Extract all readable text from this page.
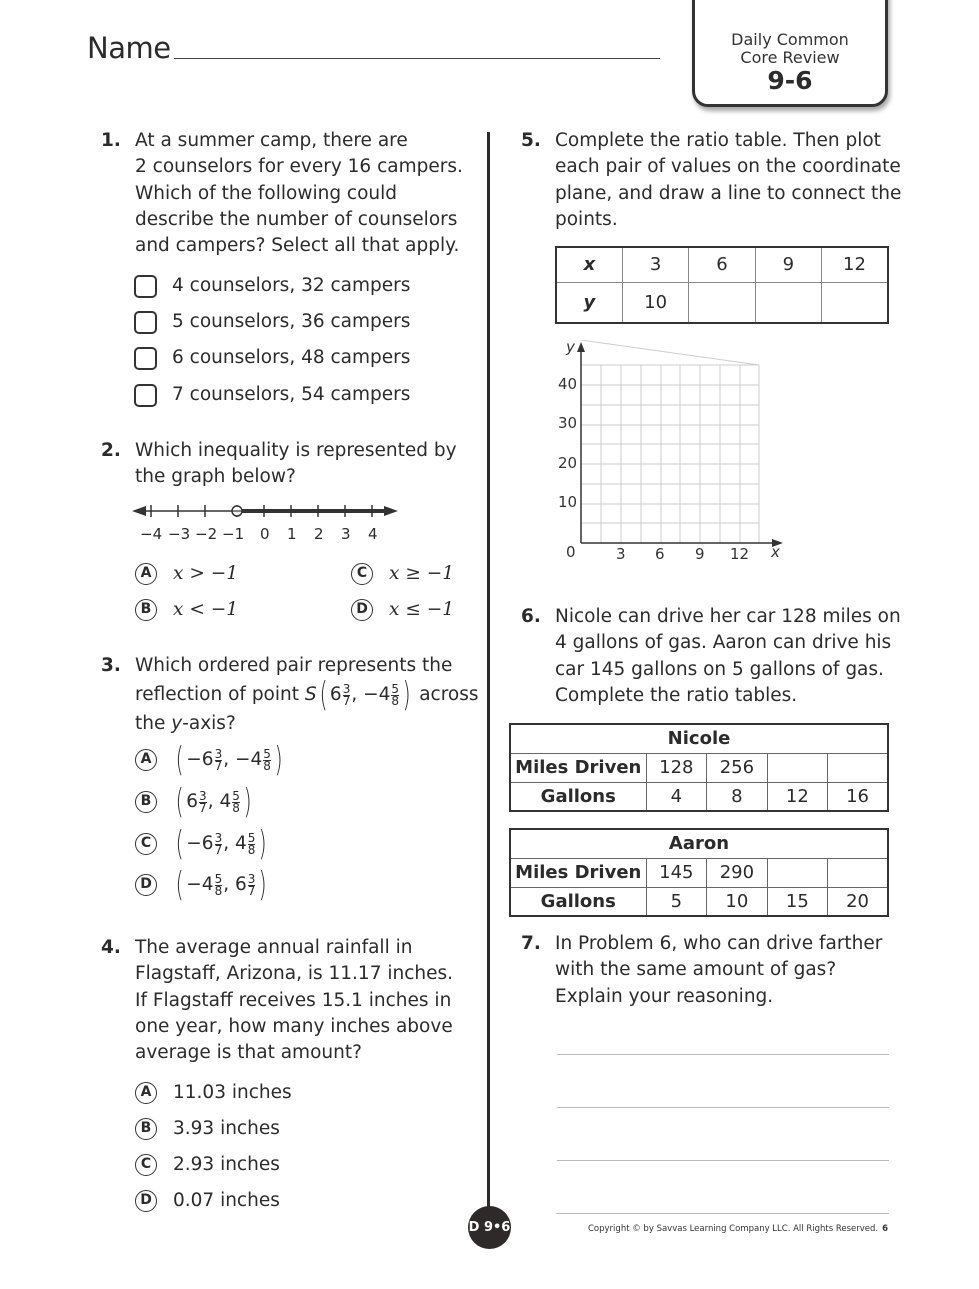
Name	Daily Common
Core Review
9-6
1. At a summer camp, there are
2 counselors for every 16 campers.
Which of the following could
describe the number of counselors
and campers? Select all that apply.
4 counselors, 32 campers
5 counselors, 36 campers
6 counselors, 48 campers
7 counselors, 54 campers
2. Which inequality is represented by
the graph below?
−4 −3 −2 −1 0 1 2 3 4
A	x > −1
B	x < −1
C	x ≥ −1
D x ≤ −1
3. Which ordered pair represents the
reflection of point S( $6 \frac{3}{7}$ , $-4 \frac{5}{8}$ ) across
the y-axis?
A ( − $6 \frac{3}{7}$ , − $4 \frac{5}{8}$ )
B ( $6 \frac{3}{7}$ , $4 \frac{5}{8}$ )
C ( − $6 \frac{3}{7}$ , $4 \frac{5}{8}$ )
D ( − $4 \frac{5}{8}$ , $6 \frac{3}{7}$ )
4. The average annual rainfall in
Flagstaff, Arizona, is 11.17 inches.
If Flagstaff receives 15.1 inches in
one year, how many inches above
average is that amount?
A	11.03 inches
B	3.93 inches
C	2.93 inches
D 0.07 inches
5. Complete the ratio table. Then plot
each pair of values on the coordinate
plane, and draw a line to connect the
points.
x	3	6	9	12
y	10			
y
40
30
20
10
0	3 6 9 12 x
6. Nicole can drive her car 128 miles on
4 gallons of gas. Aaron can drive his
car 145 gallons on 5 gallons of gas.
Complete the ratio tables.
Nicole				
Miles Driven	128	256		
Gallons	4	8	12	16
Aaron				
Miles Driven	145	290		
Gallons	5	10	15	20
7. In Problem 6, who can drive farther
with the same amount of gas?
Explain your reasoning.
D 9•6	Copyright © by Savvas Learning Company LLC. All Rights Reserved. 6
